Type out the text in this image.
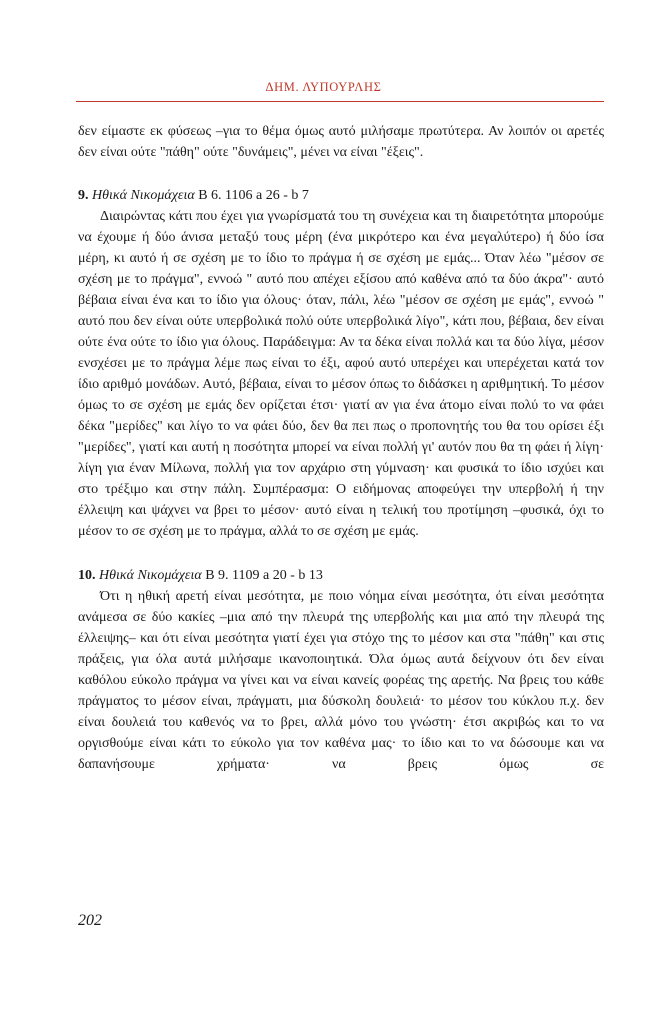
ΔΗΜ. ΛΥΠΟΥΡΛΗΣ

δεν είμαστε εκ φύσεως –για το θέμα όμως αυτό μιλήσαμε πρωτύτερα. Αν λοιπόν οι αρετές δεν είναι ούτε "πάθη" ούτε "δυνάμεις", μένει να είναι "έξεις".

9. Ηθικά Νικομάχεια Β 6. 1106 a 26 - b 7

Διαιρώντας κάτι που έχει για γνωρίσματά του τη συνέχεια και τη διαιρετότητα μπορούμε να έχουμε ή δύο άνισα μεταξύ τους μέρη (ένα μικρότερο και ένα μεγαλύτερο) ή δύο ίσα μέρη, κι αυτό ή σε σχέση με το ίδιο το πράγμα ή σε σχέση με εμάς... Όταν λέω "μέσον σε σχέση με το πράγμα", εννοώ " αυτό που απέχει εξίσου από καθένα από τα δύο άκρα"· αυτό βέβαια είναι ένα και το ίδιο για όλους· όταν, πάλι, λέω "μέσον σε σχέση με εμάς", εννοώ " αυτό που δεν είναι ούτε υπερβολικά πολύ ούτε υπερβολικά λίγο", κάτι που, βέβαια, δεν είναι ούτε ένα ούτε το ίδιο για όλους. Παράδειγμα: Αν τα δέκα είναι πολλά και τα δύο λίγα, μέσον ενσχέσει με το πράγμα λέμε πως είναι το έξι, αφού αυτό υπερέχει και υπερέχεται κατά τον ίδιο αριθμό μονάδων. Αυτό, βέβαια, είναι το μέσον όπως το διδάσκει η αριθμητική. Το μέσον όμως το σε σχέση με εμάς δεν ορίζεται έτσι· γιατί αν για ένα άτομο είναι πολύ το να φάει δέκα "μερίδες" και λίγο το να φάει δύο, δεν θα πει πως ο προπονητής του θα του ορίσει έξι "μερίδες", γιατί και αυτή η ποσότητα μπορεί να είναι πολλή γι' αυτόν που θα τη φάει ή λίγη· λίγη για έναν Μίλωνα, πολλή για τον αρχάριο στη γύμναση· και φυσικά το ίδιο ισχύει και στο τρέξιμο και στην πάλη. Συμπέρασμα: Ο ειδήμονας αποφεύγει την υπερβολή ή την έλλειψη και ψάχνει να βρει το μέσον· αυτό είναι η τελική του προτίμηση –φυσικά, όχι το μέσον το σε σχέση με το πράγμα, αλλά το σε σχέση με εμάς.

10. Ηθικά Νικομάχεια Β 9. 1109 a 20 - b 13

Ότι η ηθική αρετή είναι μεσότητα, με ποιο νόημα είναι μεσότητα, ότι είναι μεσότητα ανάμεσα σε δύο κακίες –μια από την πλευρά της υπερβολής και μια από την πλευρά της έλλειψης– και ότι είναι μεσότητα γιατί έχει για στόχο της το μέσον και στα "πάθη" και στις πράξεις, για όλα αυτά μιλήσαμε ικανοποιητικά. Όλα όμως αυτά δείχνουν ότι δεν είναι καθόλου εύκολο πράγμα να γίνει και να είναι κανείς φορέας της αρετής. Να βρεις του κάθε πράγματος το μέσον είναι, πράγματι, μια δύσκολη δουλειά· το μέσον του κύκλου π.χ. δεν είναι δουλειά του καθενός να το βρει, αλλά μόνο του γνώστη· έτσι ακριβώς και το να οργισθούμε είναι κάτι το εύκολο για τον καθένα μας· το ίδιο και το να δώσουμε και να δαπανήσουμε χρήματα· να βρεις όμως σε

202
